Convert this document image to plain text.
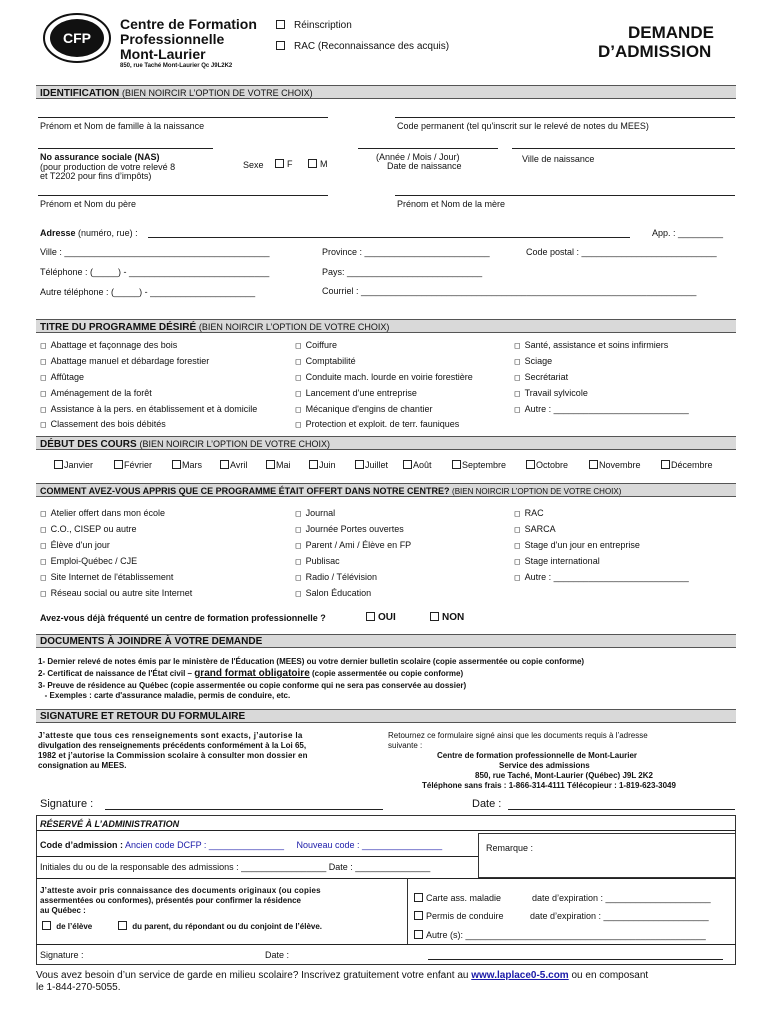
CFP
Centre de Formation
Professionnelle
Mont-Laurier
850, rue Taché Mont-Laurier Qc J9L2K2
Réinscription
RAC (Reconnaissance des acquis)
DEMANDE
D’ADMISSION
IDENTIFICATION (BIEN NOIRCIR L’OPTION DE VOTRE CHOIX)
Prénom et Nom de famille à la naissance	Code permanent (tel qu'inscrit sur le relevé de notes du MEES)
No assurance sociale (NAS)
(pour production de votre relevé 8
et T2202 pour fins d’impôts)
Sexe	F	M
(Année / Mois / Jour)
Date de naissance
Ville de naissance
Prénom et Nom du père	Prénom et Nom de la mère
Adresse (numéro, rue) :	App. : _________
Ville : _________________________________________	Province : _________________________	Code postal : ___________________________
Téléphone : (_____) - ____________________________	Pays: ___________________________
Autre téléphone : (_____) - _____________________	Courriel : ___________________________________________________________________
TITRE DU PROGRAMME DÉSIRÉ (BIEN NOIRCIR L’OPTION DE VOTRE CHOIX)
◻ Abattage et façonnage des bois
◻ Abattage manuel et débardage forestier
◻ Affûtage
◻ Aménagement de la forêt
◻ Assistance à la pers. en établissement et à domicile
◻ Classement des bois débités
◻ Coiffure
◻ Comptabilité
◻ Conduite mach. lourde en voirie forestière
◻ Lancement d'une entreprise
◻ Mécanique d'engins de chantier
◻ Protection et exploit. de terr. fauniques
◻ Santé, assistance et soins infirmiers
◻ Sciage
◻ Secrétariat
◻ Travail sylvicole
◻ Autre : ___________________________
DÉBUT DES COURS (BIEN NOIRCIR L’OPTION DE VOTRE CHOIX)
Janvier	Février	Mars	Avril	Mai	Juin	Juillet	Août	Septembre	Octobre	Novembre	Décembre
COMMENT AVEZ-VOUS APPRIS QUE CE PROGRAMME ÉTAIT OFFERT DANS NOTRE CENTRE? (BIEN NOIRCIR L’OPTION DE VOTRE CHOIX)
◻ Atelier offert dans mon école
◻ C.O., CISEP ou autre
◻ Élève d'un jour
◻ Emploi-Québec / CJE
◻ Site Internet de l'établissement
◻ Réseau social ou autre site Internet
◻ Journal
◻ Journée Portes ouvertes
◻ Parent / Ami / Élève en FP
◻ Publisac
◻ Radio / Télévision
◻ Salon Éducation
◻ RAC
◻ SARCA
◻ Stage d'un jour en entreprise
◻ Stage international
◻ Autre : ___________________________
Avez-vous déjà fréquenté un centre de formation professionnelle ?	OUI	NON
DOCUMENTS À JOINDRE À VOTRE DEMANDE
1- Dernier relevé de notes émis par le ministère de l'Éducation (MEES) ou votre dernier bulletin scolaire (copie assermentée ou copie conforme)
2- Certificat de naissance de l'État civil – grand format obligatoire (copie assermentée ou copie conforme)
3- Preuve de résidence au Québec (copie assermentée ou copie conforme qui ne sera pas conservée au dossier)
- Exemples : carte d'assurance maladie, permis de conduire, etc.
SIGNATURE ET RETOUR DU FORMULAIRE
J’atteste que tous ces renseignements sont exacts, j’autorise la
divulgation des renseignements précédents conformément à la Loi 65,
1982 et j’autorise la Commission scolaire à consulter mon dossier en
consignation au MEES.
Retournez ce formulaire signé ainsi que les documents requis à l’adresse
suivante :
Centre de formation professionnelle de Mont-Laurier
Service des admissions
850, rue Taché, Mont-Laurier (Québec) J9L 2K2
Téléphone sans frais : 1-866-314-4111 Télécopieur : 1-819-623-3049
Signature :	Date :
RÉSERVÉ À L’ADMINISTRATION
Code d’admission : Ancien code DCFP : _______________ Nouveau code : ________________	Remarque :
Initiales du ou de la responsable des admissions : _________________ Date : _______________
J’atteste avoir pris connaissance des documents originaux (ou copies
assermentées ou conformes), présentés pour confirmer la résidence
au Québec :
de l’élève	du parent, du répondant ou du conjoint de l’élève.
Carte ass. maladie	date d’expiration : _____________________
Permis de conduire	date d’expiration : _____________________
Autre (s): ________________________________________________
Signature :	Date :
Vous avez besoin d’un service de garde en milieu scolaire? Inscrivez gratuitement votre enfant au www.laplace0-5.com ou en composant
le 1-844-270-5055.
